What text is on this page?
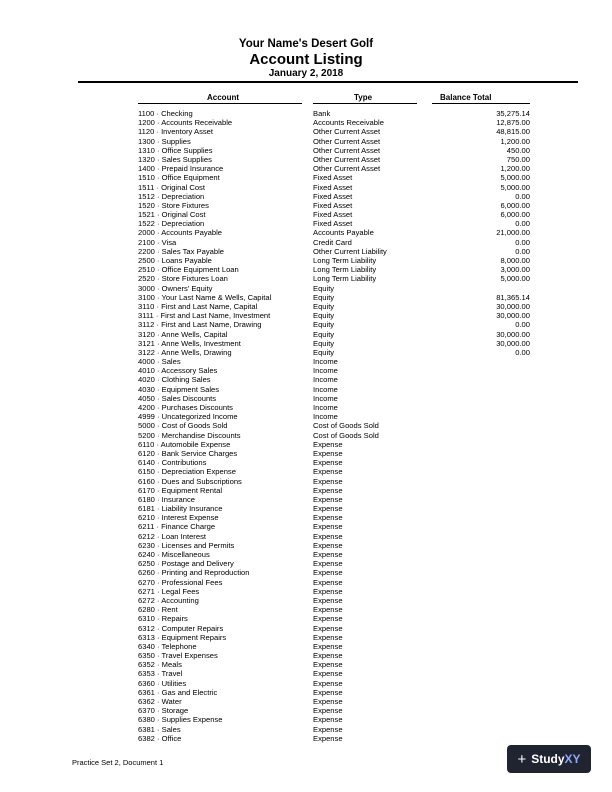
Your Name's Desert Golf
Account Listing
January 2, 2018
Account	Type	Balance Total
1100 · Checking	Bank	35,275.14
1200 · Accounts Receivable	Accounts Receivable	12,875.00
1120 · Inventory Asset	Other Current Asset	48,815.00
1300 · Supplies	Other Current Asset	1,200.00
1310 · Office Supplies	Other Current Asset	450.00
1320 · Sales Supplies	Other Current Asset	750.00
1400 · Prepaid Insurance	Other Current Asset	1,200.00
1510 · Office Equipment	Fixed Asset	5,000.00
1511 · Original Cost	Fixed Asset	5,000.00
1512 · Depreciation	Fixed Asset	0.00
1520 · Store Fixtures	Fixed Asset	6,000.00
1521 · Original Cost	Fixed Asset	6,000.00
1522 · Depreciation	Fixed Asset	0.00
2000 · Accounts Payable	Accounts Payable	21,000.00
2100 · Visa	Credit Card	0.00
2200 · Sales Tax Payable	Other Current Liability	0.00
2500 · Loans Payable	Long Term Liability	8,000.00
2510 · Office Equipment Loan	Long Term Liability	3,000.00
2520 · Store Fixtures Loan	Long Term Liability	5,000.00
3000 · Owners' Equity	Equity
3100 · Your Last Name & Wells, Capital	Equity	81,365.14
3110 · First and Last Name, Capital	Equity	30,000.00
3111 · First and Last Name, Investment	Equity	30,000.00
3112 · First and Last Name, Drawing	Equity	0.00
3120 · Anne Wells, Capital	Equity	30,000.00
3121 · Anne Wells, Investment	Equity	30,000.00
3122 · Anne Wells, Drawing	Equity	0.00
4000 · Sales	Income
4010 · Accessory Sales	Income
4020 · Clothing Sales	Income
4030 · Equipment Sales	Income
4050 · Sales Discounts	Income
4200 · Purchases Discounts	Income
4999 · Uncategorized Income	Income
5000 · Cost of Goods Sold	Cost of Goods Sold
5200 · Merchandise Discounts	Cost of Goods Sold
6110 · Automobile Expense	Expense
6120 · Bank Service Charges	Expense
6140 · Contributions	Expense
6150 · Depreciation Expense	Expense
6160 · Dues and Subscriptions	Expense
6170 · Equipment Rental	Expense
6180 · Insurance	Expense
6181 · Liability Insurance	Expense
6210 · Interest Expense	Expense
6211 · Finance Charge	Expense
6212 · Loan Interest	Expense
6230 · Licenses and Permits	Expense
6240 · Miscellaneous	Expense
6250 · Postage and Delivery	Expense
6260 · Printing and Reproduction	Expense
6270 · Professional Fees	Expense
6271 · Legal Fees	Expense
6272 · Accounting	Expense
6280 · Rent	Expense
6310 · Repairs	Expense
6312 · Computer Repairs	Expense
6313 · Equipment Repairs	Expense
6340 · Telephone	Expense
6350 · Travel Expenses	Expense
6352 · Meals	Expense
6353 · Travel	Expense
6360 · Utilities	Expense
6361 · Gas and Electric	Expense
6362 · Water	Expense
6370 · Storage	Expense
6380 · Supplies Expense	Expense
6381 · Sales	Expense
6382 · Office	Expense
Practice Set 2, Document 1	+ Study XY
